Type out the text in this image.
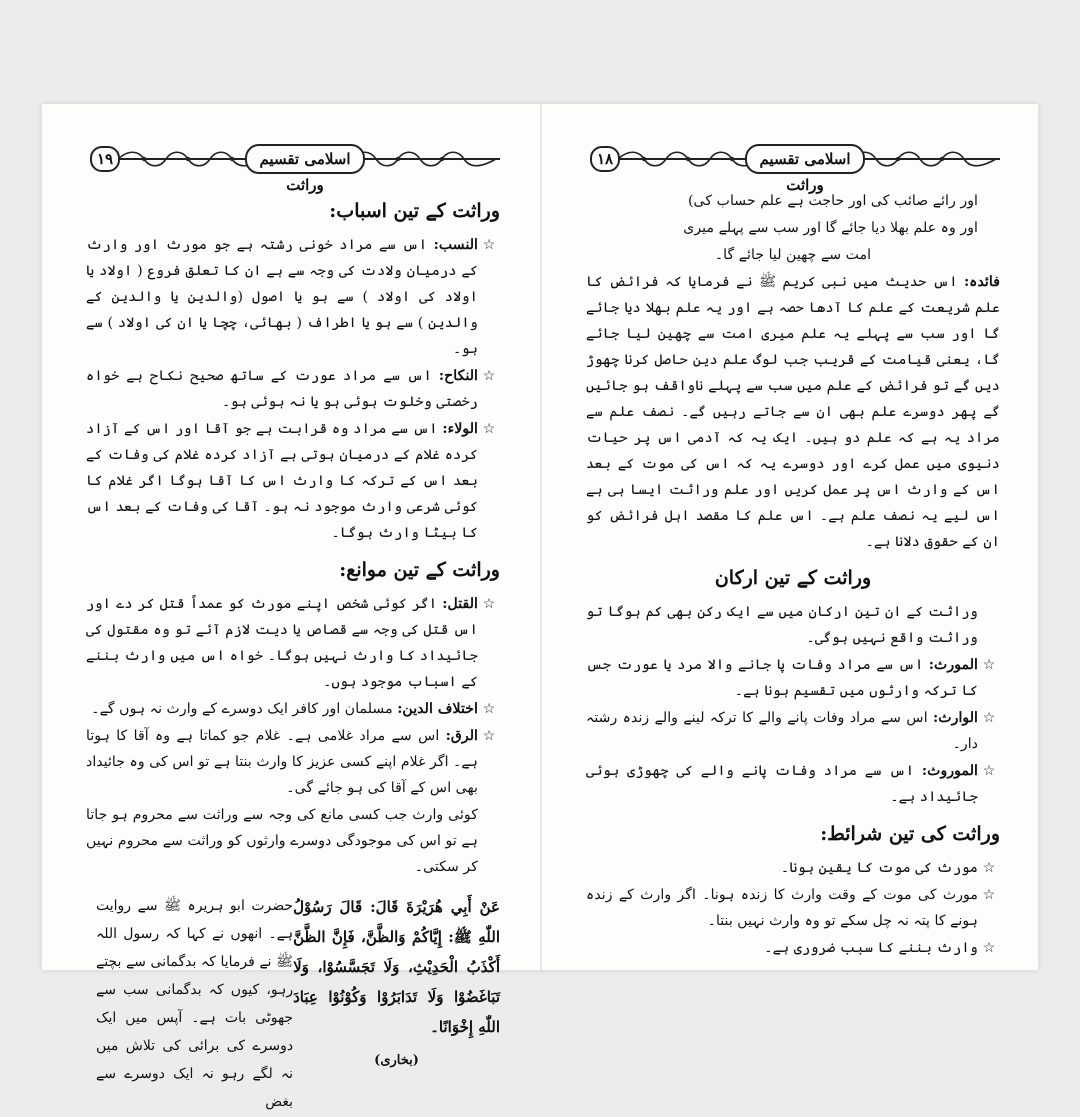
اسلامی تقسیم وراثت
١٩
وراثت کے تین اسباب:
☆

النسب: اس سے مراد خونی رشتہ ہے جو مورث اور وارث کے درمیان ولادت کی وجہ سے ہے ان کا تعلق فروع ( اولاد یا اولاد کی اولاد ) سے ہو یا اصول (والدین یا والدین کے والدین ) سے ہو یا اطراف ( بھائی، چچا یا ان کی اولاد ) سے ہو۔

☆

النکاح: اس سے مراد عورت کے ساتھ صحیح نکاح ہے خواہ رخصتی وخلوت ہوئی ہو یا نہ ہوئی ہو۔

☆

الولاء: اس سے مراد وہ قرابت ہے جو آقا اور اس کے آزاد کردہ غلام کے درمیان ہوتی ہے آزاد کردہ غلام کی وفات کے بعد اس کے ترکہ کا وارث اس کا آقا ہوگا اگر غلام کا کوئی شرعی وارث موجود نہ ہو۔ آقا کی وفات کے بعد اس کا بیٹا وارث ہوگا۔

وراثت کے تین موانع:
☆

القتل: اگر کوئی شخص اپنے مورث کو عمداً قتل کر دے اور اس قتل کی وجہ سے قصاص یا دیت لازم آئے تو وہ مقتول کی جائیداد کا وارث نہیں ہوگا۔ خواہ اس میں وارث بننے کے اسباب موجود ہوں۔

☆

اختلاف الدین: مسلمان اور کافر ایک دوسرے کے وارث نہ ہوں گے۔

☆

الرق: اس سے مراد غلامی ہے۔ غلام جو کماتا ہے وہ آقا کا ہوتا ہے۔ اگر غلام اپنے کسی عزیز کا وارث بنتا ہے تو اس کی وہ جائیداد بھی اس کے آقا کی ہو جائے گی۔

کوئی وارث جب کسی مانع کی وجہ سے وراثت سے محروم ہو جاتا ہے تو اس کی موجودگی دوسرے وارثوں کو وراثت سے محروم نہیں کر سکتی۔

عَنْ أَبِي هُرَيْرَةَ قَالَ: قَالَ رَسُوْلُ اللّٰهِ ﷺ: إِيَّاكُمْ وَالظَّنَّ، فَإِنَّ الظَّنَّ أَكْذَبُ الْحَدِيْثِ، وَلَا تَجَسَّسُوْا، وَلَا تَبَاغَضُوْا وَلَا تَدَابَرُوْا وَكُوْنُوْا عِبَادَ اللّٰهِ إِخْوَانًا۔

(بخاری)

حضرت ابو ہریرہ ﷺ سے روایت ہے۔ انھوں نے کہا کہ رسول اللہ ﷺ نے فرمایا کہ بدگمانی سے بچتے رہو، کیوں کہ بدگمانی سب سے جھوٹی بات ہے۔ آپس میں ایک دوسرے کی برائی کی تلاش میں نہ لگے رہو نہ ایک دوسرے سے بغض

اسلامی تقسیم وراثت
١٨

اور رائے صائب کی اور حاجت ہے علم حساب کی)

اور وہ علم بھلا دیا جائے گا اور سب سے پہلے میری

امت سے چھین لیا جائے گا۔

فائدہ: اس حدیث میں نبی کریم ﷺ نے فرمایا کہ فرائض کا علم شریعت کے علم کا آدھا حصہ ہے اور یہ علم بھلا دیا جائے گا اور سب سے پہلے یہ علم میری امت سے چھین لیا جائے گا، یعنی قیامت کے قریب جب لوگ علم دین حاصل کرنا چھوڑ دیں گے تو فرائض کے علم میں سب سے پہلے ناواقف ہو جائیں گے پھر دوسرے علم بھی ان سے جاتے رہیں گے۔ نصف علم سے مراد یہ ہے کہ علم دو ہیں۔ ایک یہ کہ آدمی اس پر حیات دنیوی میں عمل کرے اور دوسرے یہ کہ اس کی موت کے بعد اس کے وارث اس پر عمل کریں اور علم وراثت ایسا ہی ہے اس لیے یہ نصف علم ہے۔ اس علم کا مقصد اہل فرائض کو ان کے حقوق دلانا ہے۔

وراثت کے تین ارکان

وراثت کے ان تین ارکان میں سے ایک رکن بھی کم ہوگا تو وراثت واقع نہیں ہوگی۔

☆

المورث: اس سے مراد وفات پا جانے والا مرد یا عورت جس کا ترکہ وارثوں میں تقسیم ہونا ہے۔

☆

الوارث: اس سے مراد وفات پانے والے کا ترکہ لینے والے زندہ رشتہ دار۔

☆

الموروث: اس سے مراد وفات پانے والے کی چھوڑی ہوئی جائیداد ہے۔

وراثت کی تین شرائط:
☆

مورث کی موت کا یقین ہونا۔

☆

مورث کی موت کے وقت وارث کا زندہ ہونا۔ اگر وارث کے زندہ ہونے کا پتہ نہ چل سکے تو وہ وارث نہیں بنتا۔

☆

وارث بننے کا سبب ضروری ہے۔
